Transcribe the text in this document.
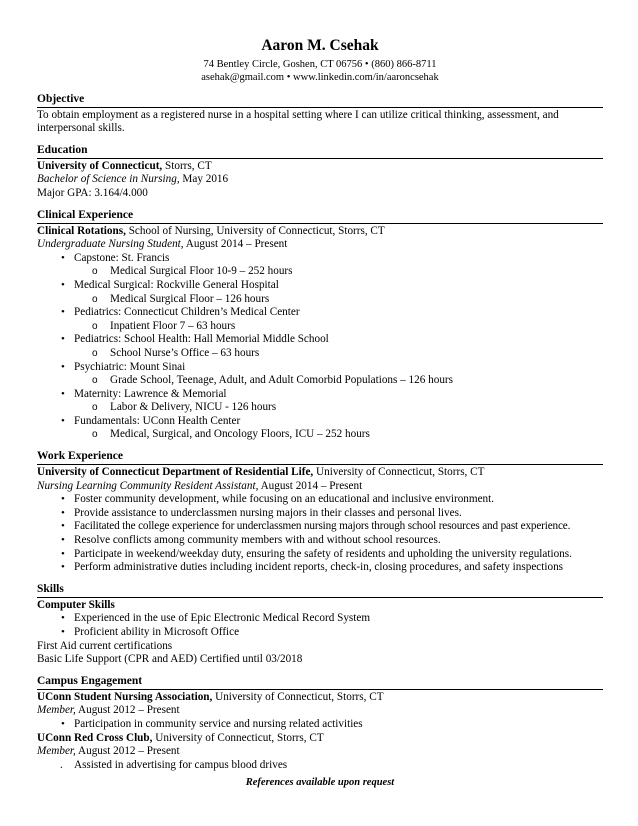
Aaron M. Csehak
74 Bentley Circle, Goshen, CT 06756 • (860) 866-8711
asehak@gmail.com • www.linkedin.com/in/aaroncsehak
Objective
To obtain employment as a registered nurse in a hospital setting where I can utilize critical thinking, assessment, and interpersonal skills.
Education
University of Connecticut, Storrs, CT
Bachelor of Science in Nursing, May 2016
Major GPA: 3.164/4.000
Clinical Experience
Clinical Rotations, School of Nursing, University of Connecticut, Storrs, CT
Undergraduate Nursing Student, August 2014 – Present
• Capstone: St. Francis
o Medical Surgical Floor 10-9 – 252 hours
• Medical Surgical: Rockville General Hospital
o Medical Surgical Floor – 126 hours
• Pediatrics: Connecticut Children’s Medical Center
o Inpatient Floor 7 – 63 hours
• Pediatrics: School Health: Hall Memorial Middle School
o School Nurse’s Office – 63 hours
• Psychiatric: Mount Sinai
o Grade School, Teenage, Adult, and Adult Comorbid Populations – 126 hours
• Maternity: Lawrence & Memorial
o Labor & Delivery, NICU - 126 hours
• Fundamentals: UConn Health Center
o Medical, Surgical, and Oncology Floors, ICU – 252 hours
Work Experience
University of Connecticut Department of Residential Life, University of Connecticut, Storrs, CT
Nursing Learning Community Resident Assistant, August 2014 – Present
• Foster community development, while focusing on an educational and inclusive environment.
• Provide assistance to underclassmen nursing majors in their classes and personal lives.
• Facilitated the college experience for underclassmen nursing majors through school resources and past experience.
• Resolve conflicts among community members with and without school resources.
• Participate in weekend/weekday duty, ensuring the safety of residents and upholding the university regulations.
• Perform administrative duties including incident reports, check-in, closing procedures, and safety inspections
Skills
Computer Skills
• Experienced in the use of Epic Electronic Medical Record System
• Proficient ability in Microsoft Office
First Aid current certifications
Basic Life Support (CPR and AED) Certified until 03/2018
Campus Engagement
UConn Student Nursing Association, University of Connecticut, Storrs, CT
Member, August 2012 – Present
• Participation in community service and nursing related activities
UConn Red Cross Club, University of Connecticut, Storrs, CT
Member, August 2012 – Present
. Assisted in advertising for campus blood drives
References available upon request
